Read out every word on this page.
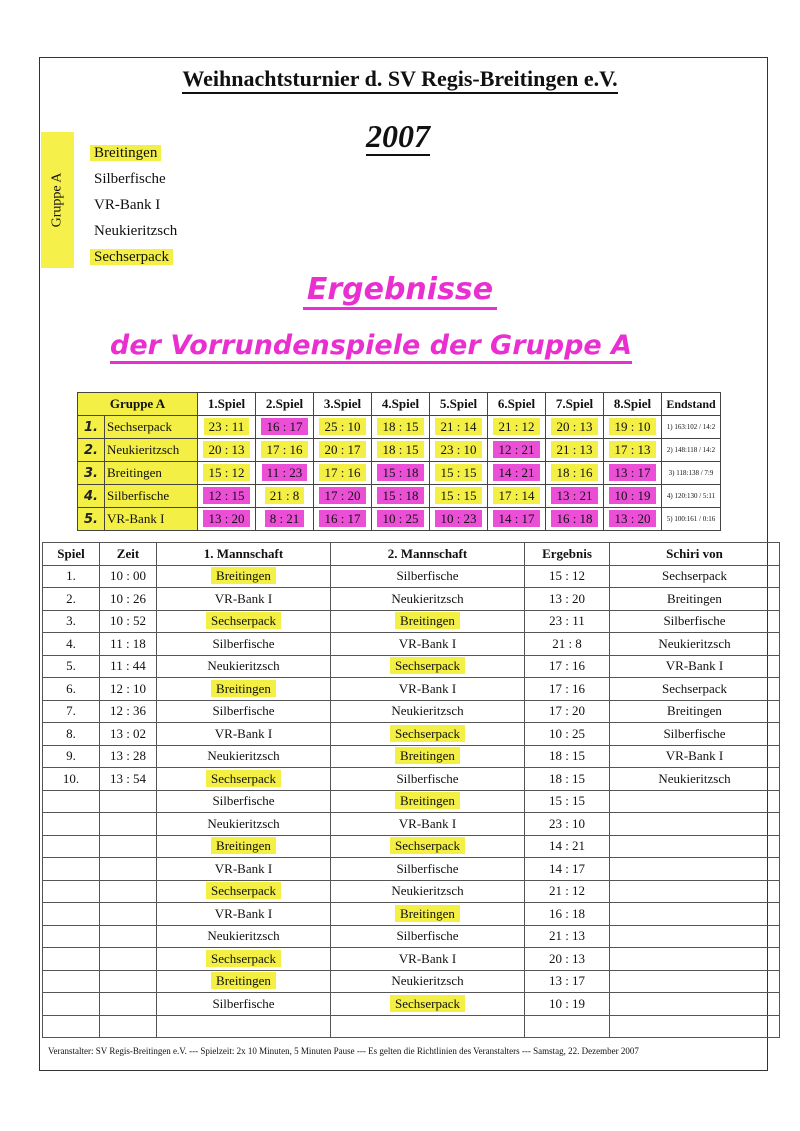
Weihnachtsturnier d. SV Regis-Breitingen e.V.
2007
Gruppe A
Breitingen
Silberfische
VR-Bank I
Neukieritzsch
Sechserpack
Ergebnisse
der Vorrundenspiele der Gruppe A
Gruppe A		1.Spiel	2.Spiel	3.Spiel	4.Spiel	5.Spiel	6.Spiel	7.Spiel	8.Spiel	Endstand
1.	Sechserpack	23 : 11	16 : 17	25 : 10	18 : 15	21 : 14	21 : 12	20 : 13	19 : 10	1) 163:102 / 14:2
2.	Neukieritzsch	20 : 13	17 : 16	20 : 17	18 : 15	23 : 10	12 : 21	21 : 13	17 : 13	2) 148:118 / 14:2
3.	Breitingen	15 : 12	11 : 23	17 : 16	15 : 18	15 : 15	14 : 21	18 : 16	13 : 17	3) 118:138 / 7:9
4.	Silberfische	12 : 15	21 : 8	17 : 20	15 : 18	15 : 15	17 : 14	13 : 21	10 : 19	4) 120:130 / 5:11
5.	VR-Bank I	13 : 20	8 : 21	16 : 17	10 : 25	10 : 23	14 : 17	16 : 18	13 : 20	5) 100:161 / 0:16
Spiel	Zeit	1. Mannschaft	2. Mannschaft	Ergebnis	Schiri von
1.	10 : 00	Breitingen	Silberfische	15 : 12	Sechserpack
2.	10 : 26	VR-Bank I	Neukieritzsch	13 : 20	Breitingen
3.	10 : 52	Sechserpack	Breitingen	23 : 11	Silberfische
4.	11 : 18	Silberfische	VR-Bank I	21 : 8	Neukieritzsch
5.	11 : 44	Neukieritzsch	Sechserpack	17 : 16	VR-Bank I
6.	12 : 10	Breitingen	VR-Bank I	17 : 16	Sechserpack
7.	12 : 36	Silberfische	Neukieritzsch	17 : 20	Breitingen
8.	13 : 02	VR-Bank I	Sechserpack	10 : 25	Silberfische
9.	13 : 28	Neukieritzsch	Breitingen	18 : 15	VR-Bank I
10.	13 : 54	Sechserpack	Silberfische	18 : 15	Neukieritzsch
		Silberfische	Breitingen	15 : 15	
		Neukieritzsch	VR-Bank I	23 : 10	
		Breitingen	Sechserpack	14 : 21	
		VR-Bank I	Silberfische	14 : 17	
		Sechserpack	Neukieritzsch	21 : 12	
		VR-Bank I	Breitingen	16 : 18	
		Neukieritzsch	Silberfische	21 : 13	
		Sechserpack	VR-Bank I	20 : 13	
		Breitingen	Neukieritzsch	13 : 17	
		Silberfische	Sechserpack	10 : 19	

Veranstalter: SV Regis-Breitingen e.V. --- Spielzeit: 2x 10 Minuten, 5 Minuten Pause --- Es gelten die Richtlinien des Veranstalters --- Samstag, 22. Dezember 2007
